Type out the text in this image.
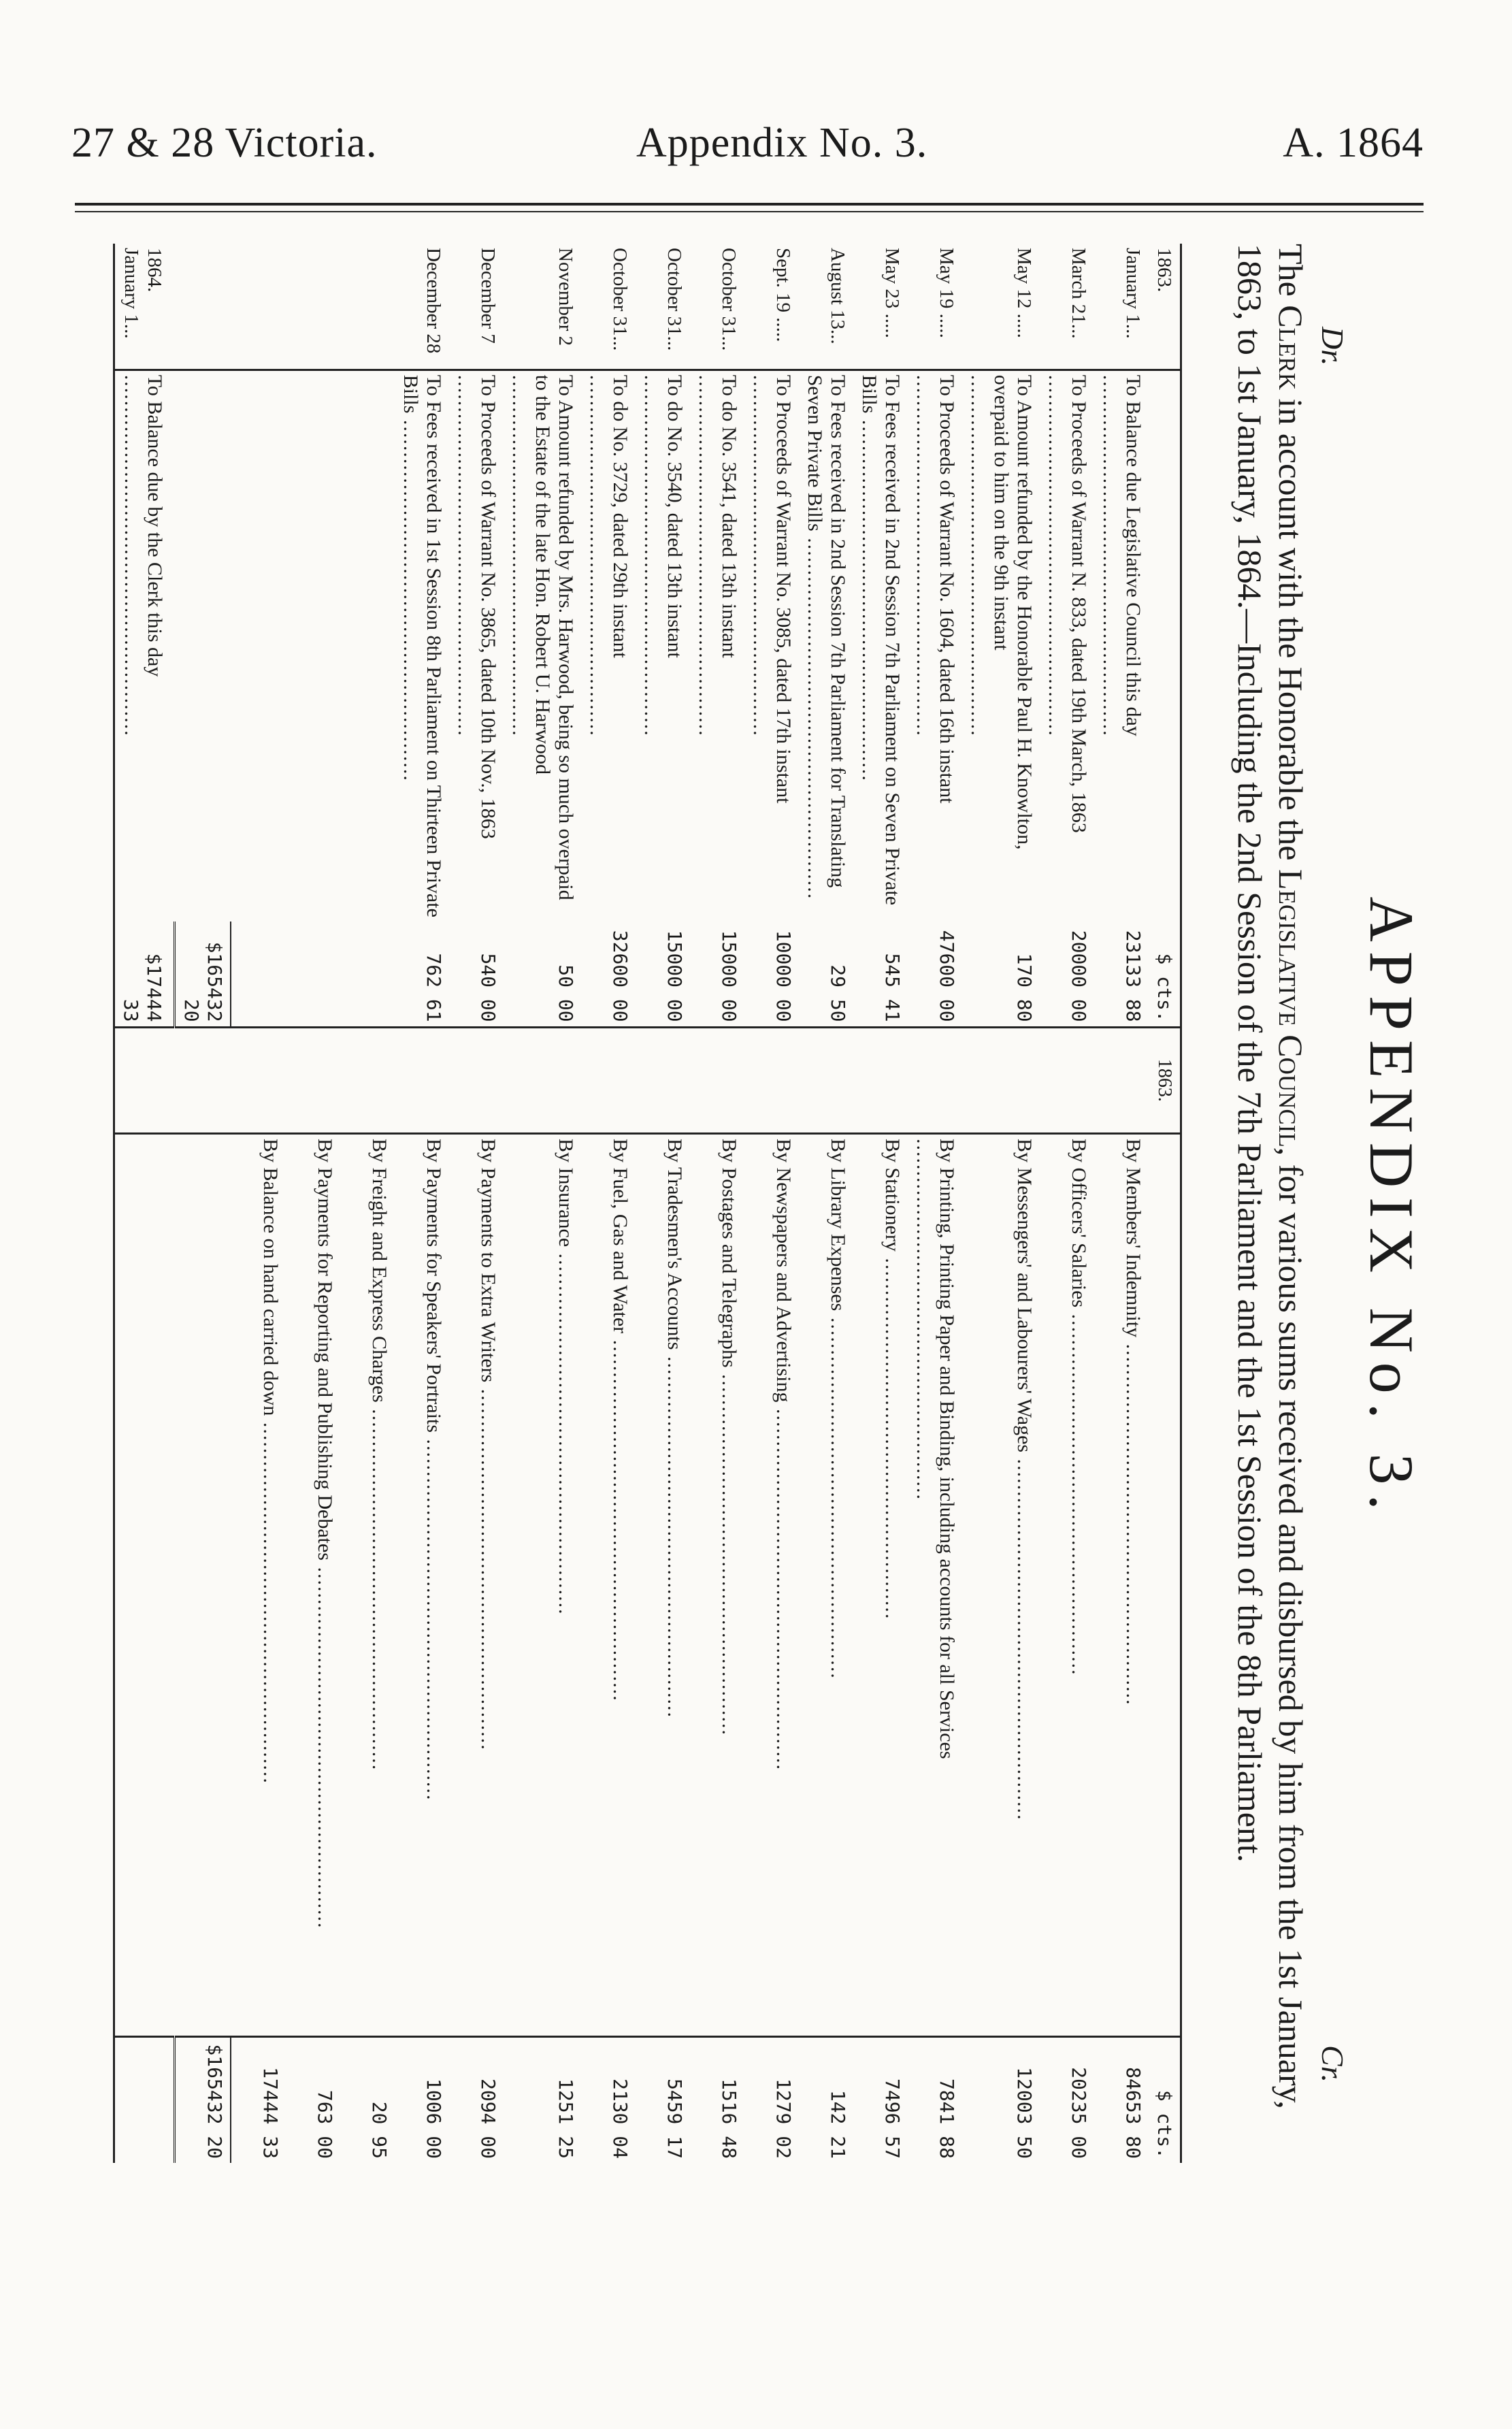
27 & 28 Victoria.	Appendix No. 3.	A. 1864
APPENDIX No. 3.
Dr.
Cr.
The Clerk in account with the Honorable the Legislative Council, for various sums received and disbursed by him from the 1st January, 1863, to 1st January, 1864.—Including the 2nd Session of the 7th Parliament and the 1st Session of the 8th Parliament.
1863.		$ cts.	1863.		$ cts.
January 1...	To Balance due Legislative Council this day .....	23133 88		By Members' Indemnity .....	84653 80
March 21...	To Proceeds of Warrant N. 833, dated 19th March, 1863 .....	20000 00		By Officers' Salaries .....	20235 00
May 12 .....	To Amount refunded by the Honorable Paul H. Knowlton, overpaid to him on the 9th instant .....	170 80		By Messengers' and Labourers' Wages .....	12003 50
May 19 .....	To Proceeds of Warrant No. 1604, dated 16th instant .....	47600 00		By Printing, Printing Paper and Binding, including accounts for all Services .....	7841 88
May 23 .....	To Fees received in 2nd Session 7th Parliament on Seven Private Bills .....	545 41		By Stationery .....	7496 57
August 13...	To Fees received in 2nd Session 7th Parliament for Translating Seven Private Bills .....	29 50		By Library Expenses .....	142 21
Sept. 19 .....	To Proceeds of Warrant No. 3085, dated 17th instant .....	10000 00		By Newspapers and Advertising .....	1279 02
October 31...	To do No. 3541, dated 13th instant .....	15000 00		By Postages and Telegraphs .....	1516 48
October 31...	To do No. 3540, dated 13th instant .....	15000 00		By Tradesmen's Accounts .....	5459 17
October 31...	To do No. 3729, dated 29th instant .....	32600 00		By Fuel, Gas and Water .....	2130 04
November 2	To Amount refunded by Mrs. Harwood, being so much overpaid to the Estate of the late Hon. Robert U. Harwood .....	50 00		By Insurance .....	1251 25
December 7	To Proceeds of Warrant No. 3865, dated 10th Nov., 1863 .....	540 00		By Payments to Extra Writers .....	2094 00
December 28	To Fees received in 1st Session 8th Parliament on Thirteen Private Bills .....	762 61		By Payments for Speakers' Portraits .....	1006 00
				By Freight and Express Charges .....	20 95
				By Payments for Reporting and Publishing Debates .....	763 00
				By Balance on hand carried down .....	17444 33
		$165432 20			$165432 20
1864.
January 1...	To Balance due by the Clerk this day .....	$17444 33			
